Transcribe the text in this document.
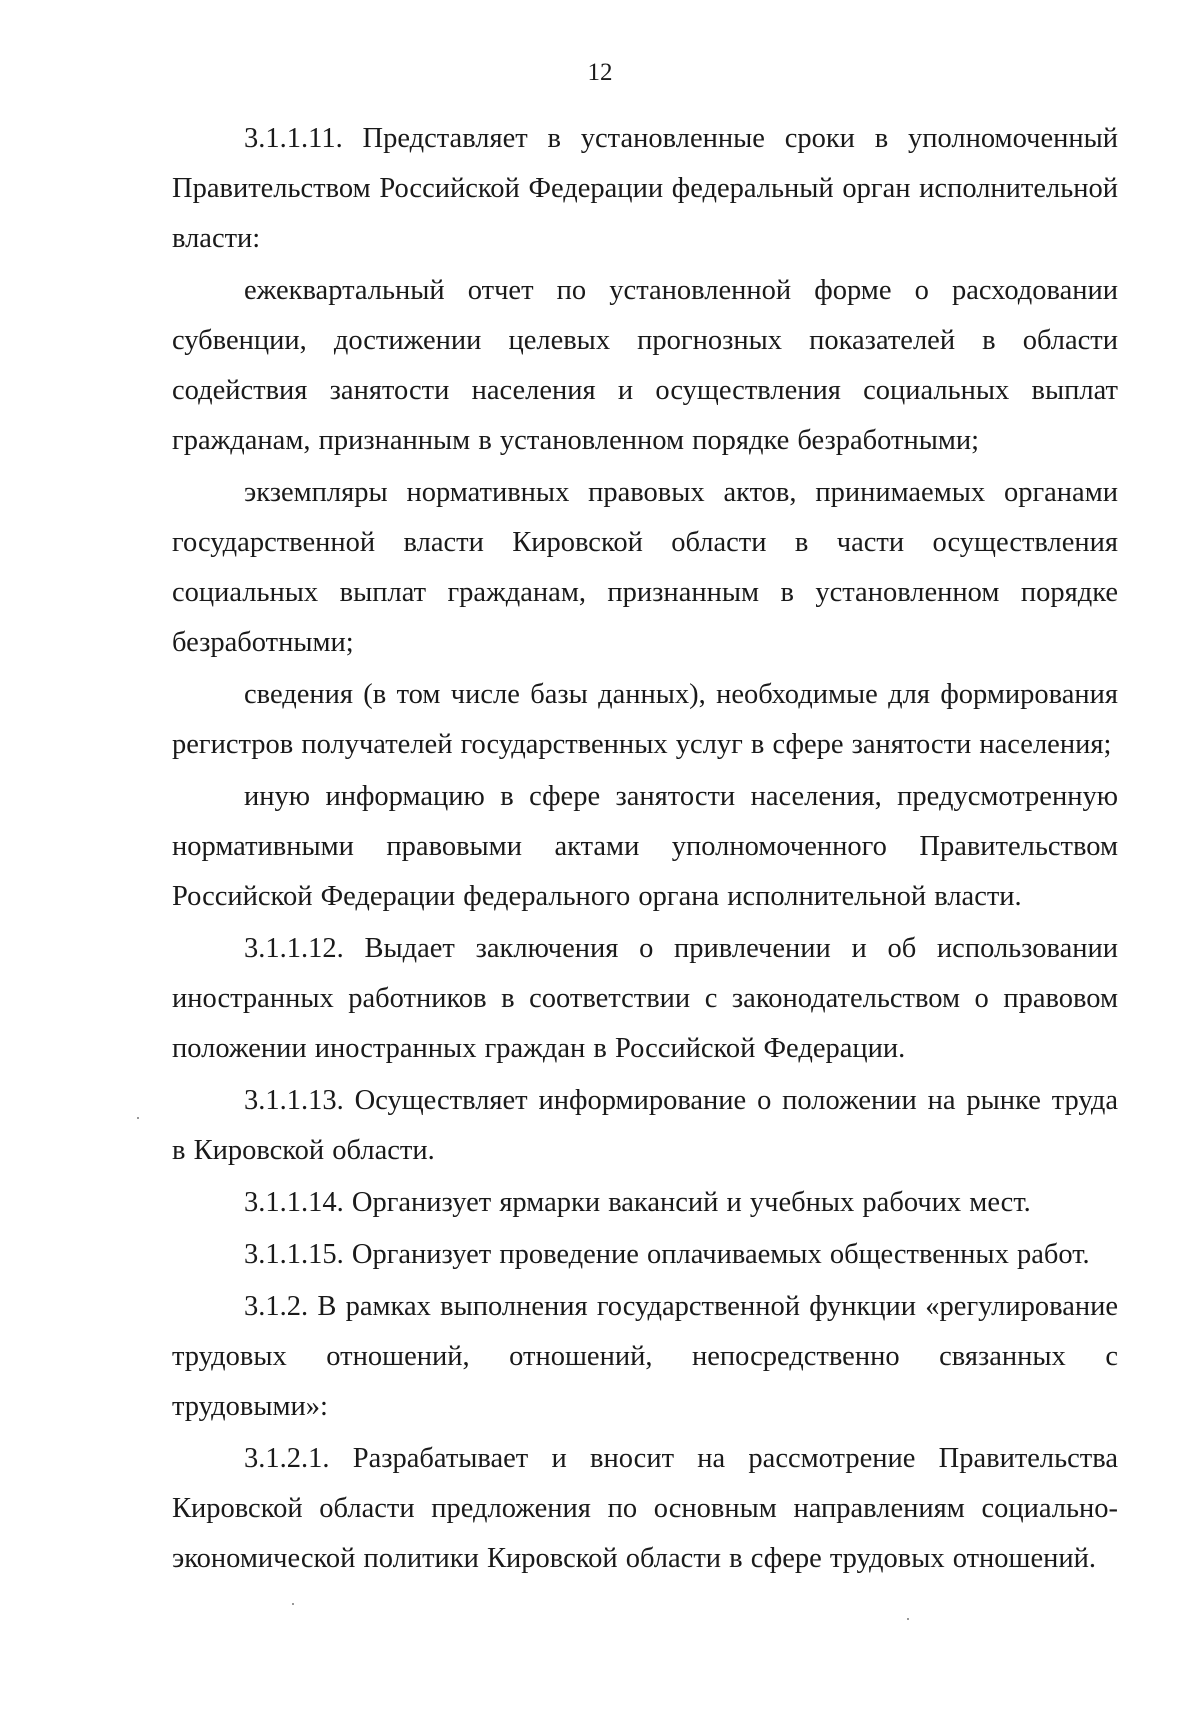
12

3.1.1.11. Представляет в установленные сроки в уполномоченный Правительством Российской Федерации федеральный орган исполнительной власти:

ежеквартальный отчет по установленной форме о расходовании субвенции, достижении целевых прогнозных показателей в области содействия занятости населения и осуществления социальных выплат гражданам, признанным в установленном порядке безработными;

экземпляры нормативных правовых актов, принимаемых органами государственной власти Кировской области в части осуществления социальных выплат гражданам, признанным в установленном порядке безработными;

сведения (в том числе базы данных), необходимые для формирования регистров получателей государственных услуг в сфере занятости населения;

иную информацию в сфере занятости населения, предусмотренную нормативными правовыми актами уполномоченного Правительством Российской Федерации федерального органа исполнительной власти.

3.1.1.12. Выдает заключения о привлечении и об использовании иностранных работников в соответствии с законодательством о правовом положении иностранных граждан в Российской Федерации.

3.1.1.13. Осуществляет информирование о положении на рынке труда в Кировской области.

3.1.1.14. Организует ярмарки вакансий и учебных рабочих мест.

3.1.1.15. Организует проведение оплачиваемых общественных работ.

3.1.2. В рамках выполнения государственной функции «регулирование трудовых отношений, отношений, непосредственно связанных с трудовыми»:

3.1.2.1. Разрабатывает и вносит на рассмотрение Правительства Кировской области предложения по основным направлениям социально-экономической политики Кировской области в сфере трудовых отношений.
